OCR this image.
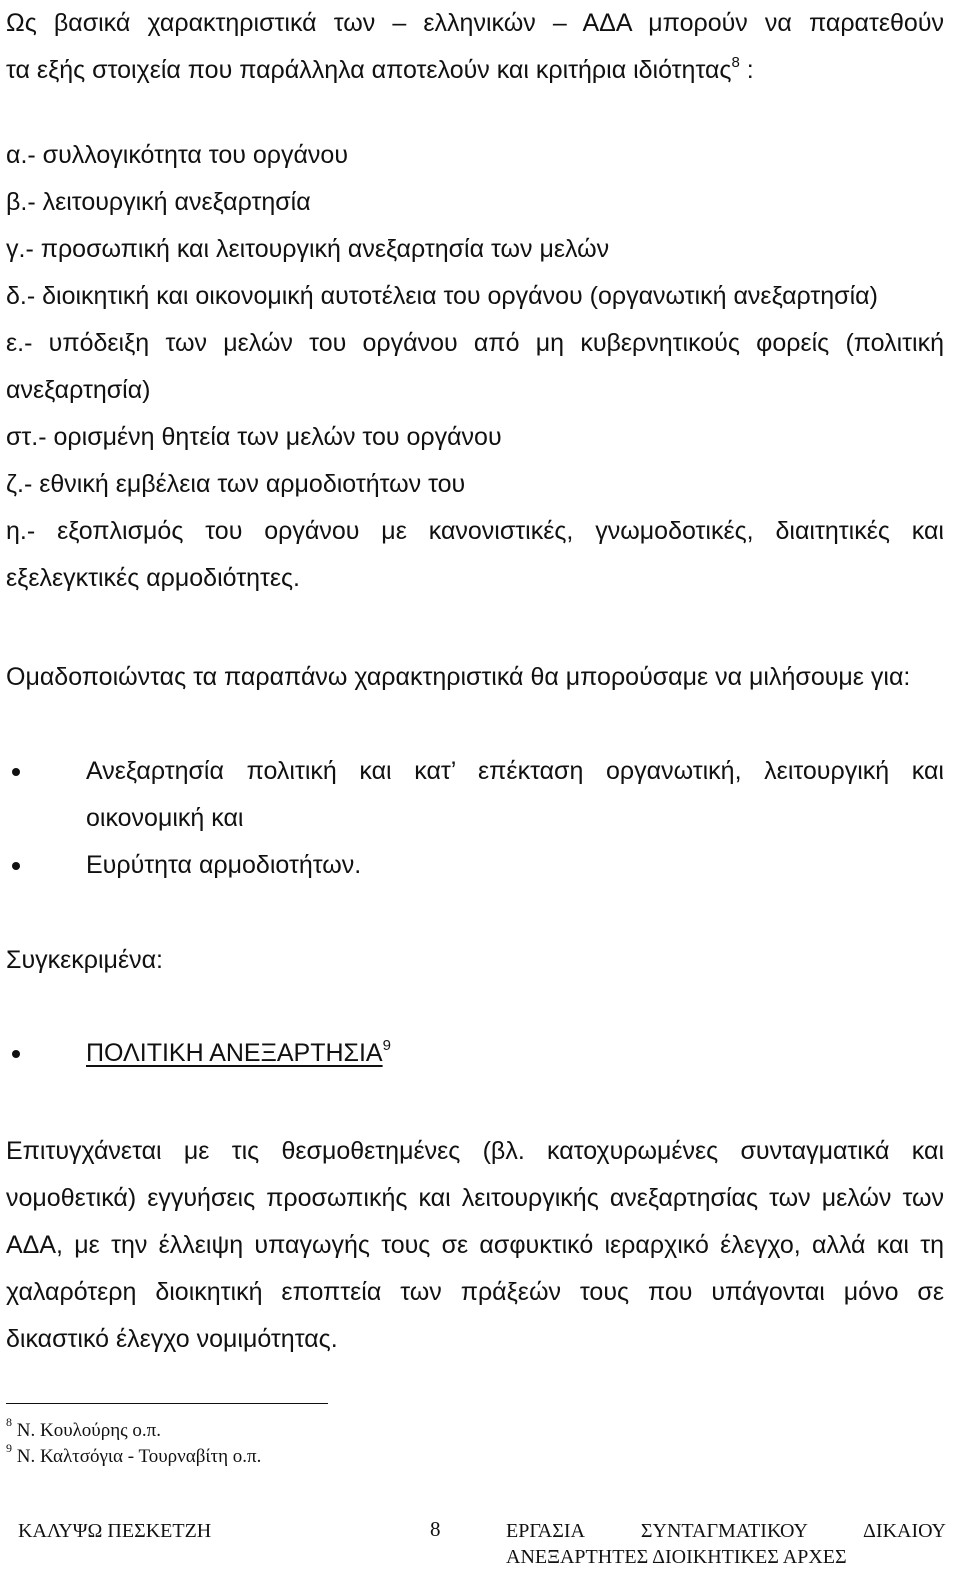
Ως βασικά χαρακτηριστικά των – ελληνικών – ΑΔΑ μπορούν να παρατεθούν

τα εξής στοιχεία που παράλληλα αποτελούν και κριτήρια ιδιότητας$^8$ :

α.- συλλογικότητα του οργάνου

β.- λειτουργική ανεξαρτησία

γ.- προσωπική και λειτουργική ανεξαρτησία των μελών

δ.- διοικητική και οικονομική αυτοτέλεια του οργάνου (οργανωτική ανεξαρτησία)

ε.- υπόδειξη των μελών του οργάνου από μη κυβερνητικούς φορείς (πολιτική ανεξαρτησία)

στ.- ορισμένη θητεία των μελών του οργάνου

ζ.- εθνική εμβέλεια των αρμοδιοτήτων του

η.- εξοπλισμός του οργάνου με κανονιστικές, γνωμοδοτικές, διαιτητικές και εξελεγκτικές αρμοδιότητες.

Ομαδοποιώντας τα παραπάνω χαρακτηριστικά θα μπορούσαμε να μιλήσουμε για:

Ανεξαρτησία πολιτική και κατ’ επέκταση οργανωτική, λειτουργική και οικονομική και

Ευρύτητα αρμοδιοτήτων.

Συγκεκριμένα:

ΠΟΛΙΤΙΚΗ ΑΝΕΞΑΡΤΗΣΙΑ$^9$

Επιτυγχάνεται με τις θεσμοθετημένες (βλ. κατοχυρωμένες συνταγματικά και νομοθετικά) εγγυήσεις προσωπικής και λειτουργικής ανεξαρτησίας των μελών των ΑΔΑ, με την έλλειψη υπαγωγής τους σε ασφυκτικό ιεραρχικό έλεγχο, αλλά και τη χαλαρότερη διοικητική εποπτεία των πράξεών τους που υπάγονται μόνο σε δικαστικό έλεγχο νομιμότητας.

$^8$ Ν. Κουλούρης ο.π.

$^9$ Ν. Καλτσόγια - Τουρναβίτη ο.π.

ΚΑΛΥΨΩ ΠΕΣΚΕΤΖΗ	8	ΕΡΓΑΣΙΑ ΣΥΝΤΑΓΜΑΤΙΚΟΥ ΔΙΚΑΙΟΥ
ΑΝΕΞΑΡΤΗΤΕΣ ΔΙΟΙΚΗΤΙΚΕΣ ΑΡΧΕΣ
